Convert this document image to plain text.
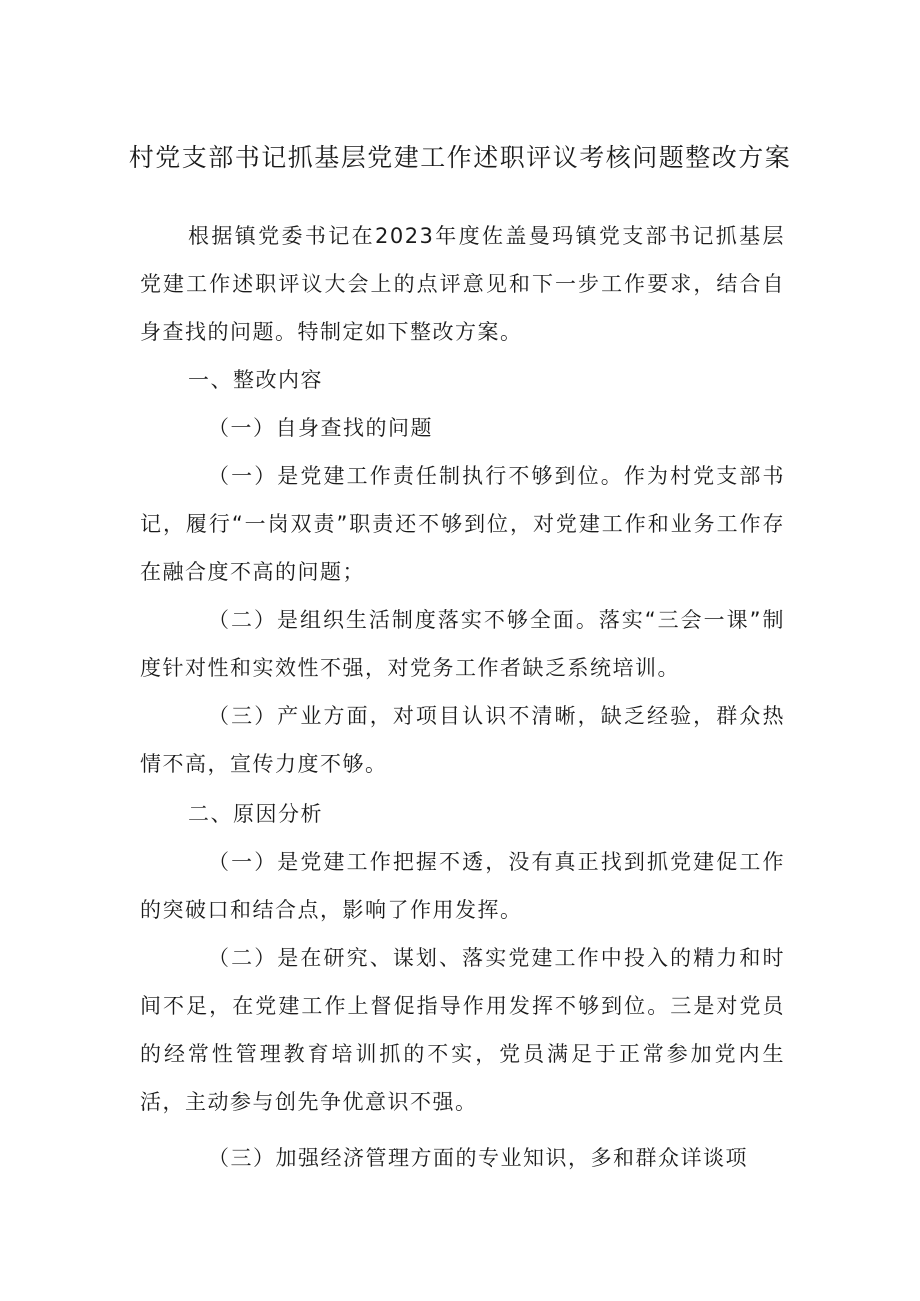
村党支部书记抓基层党建工作述职评议考核问题整改方案

根据镇党委书记在2023年度佐盖曼玛镇党支部书记抓基层党建工作述职评议大会上的点评意见和下一步工作要求，结合自身查找的问题。特制定如下整改方案。

一、整改内容

（一）自身查找的问题

（一）是党建工作责任制执行不够到位。作为村党支部书记，履行“一岗双责”职责还不够到位，对党建工作和业务工作存在融合度不高的问题；

（二）是组织生活制度落实不够全面。落实“三会一课”制度针对性和实效性不强，对党务工作者缺乏系统培训。

（三）产业方面，对项目认识不清晰，缺乏经验，群众热情不高，宣传力度不够。

二、原因分析

（一）是党建工作把握不透，没有真正找到抓党建促工作的突破口和结合点，影响了作用发挥。

（二）是在研究、谋划、落实党建工作中投入的精力和时间不足，在党建工作上督促指导作用发挥不够到位。三是对党员的经常性管理教育培训抓的不实，党员满足于正常参加党内生活，主动参与创先争优意识不强。

（三）加强经济管理方面的专业知识，多和群众详谈项
